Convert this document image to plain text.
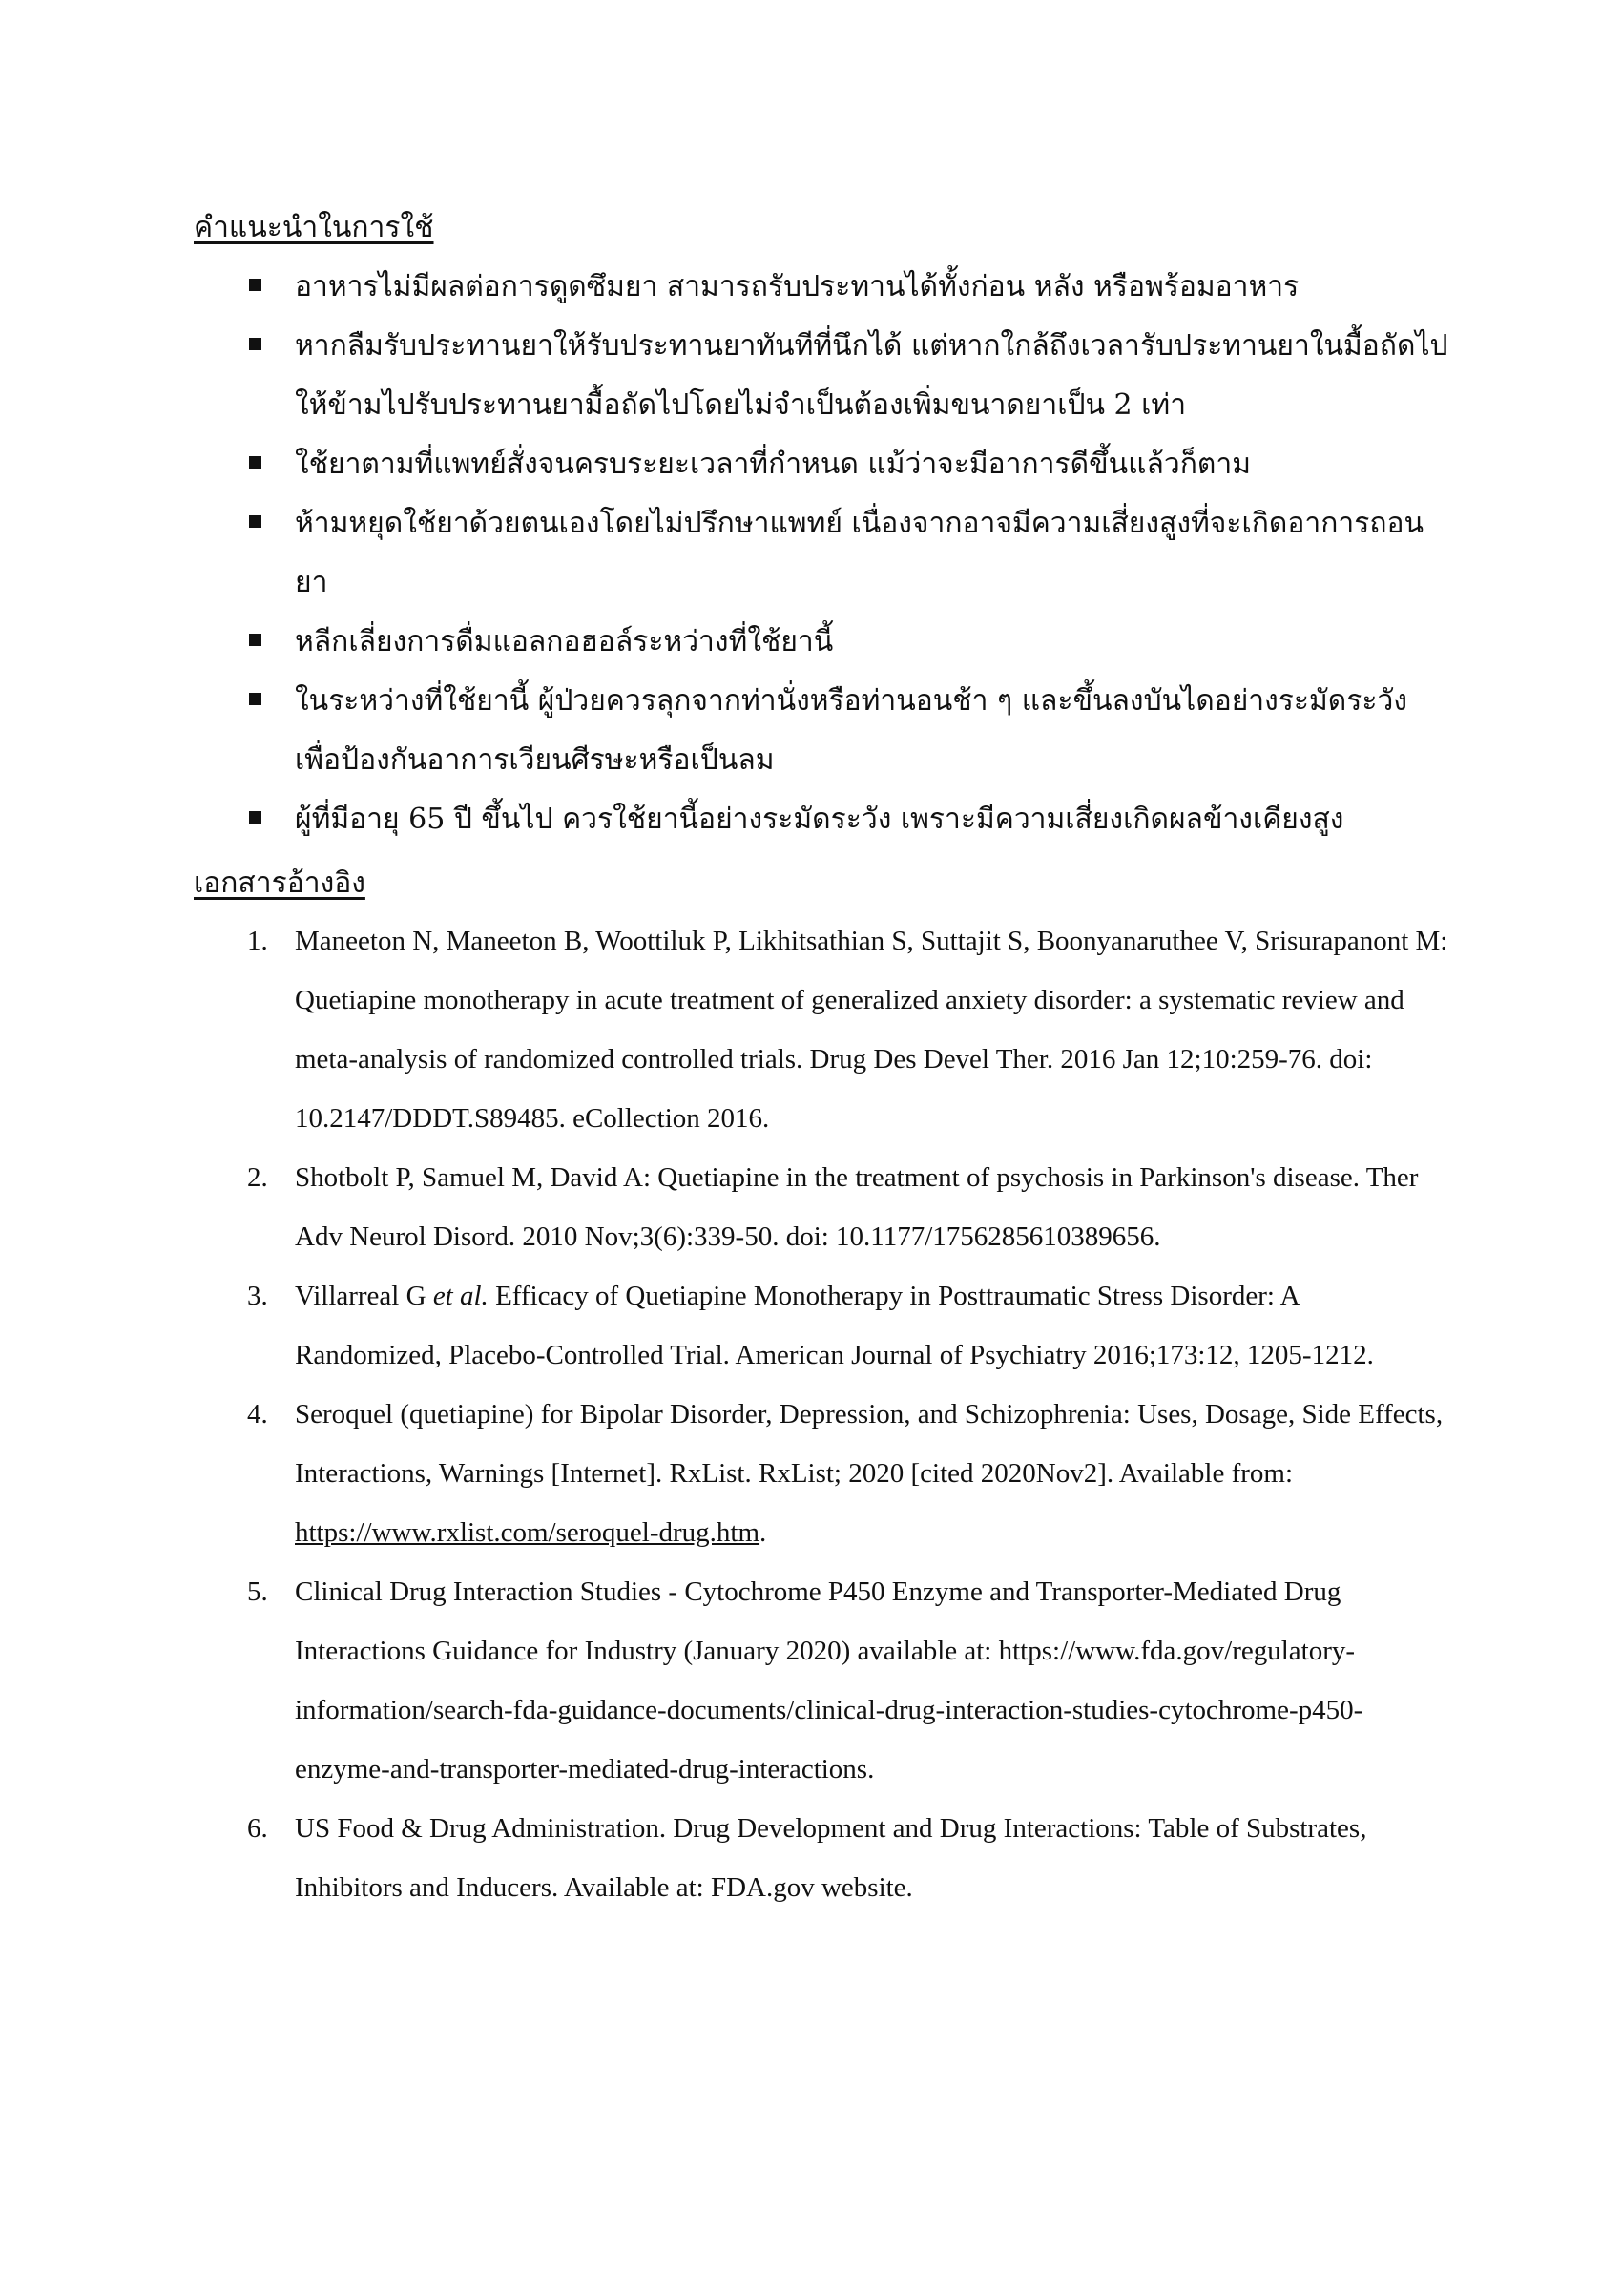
คำแนะนำในการใช้
อาหารไม่มีผลต่อการดูดซึมยา สามารถรับประทานได้ทั้งก่อน หลัง หรือพร้อมอาหาร
หากลืมรับประทานยาให้รับประทานยาทันทีที่นึกได้ แต่หากใกล้ถึงเวลารับประทานยาในมื้อถัดไป ให้ข้ามไปรับประทานยามื้อถัดไปโดยไม่จำเป็นต้องเพิ่มขนาดยาเป็น 2 เท่า
ใช้ยาตามที่แพทย์สั่งจนครบระยะเวลาที่กำหนด แม้ว่าจะมีอาการดีขึ้นแล้วก็ตาม
ห้ามหยุดใช้ยาด้วยตนเองโดยไม่ปรึกษาแพทย์ เนื่องจากอาจมีความเสี่ยงสูงที่จะเกิดอาการถอนยา
หลีกเลี่ยงการดื่มแอลกอฮอล์ระหว่างที่ใช้ยานี้
ในระหว่างที่ใช้ยานี้ ผู้ป่วยควรลุกจากท่านั่งหรือท่านอนช้า ๆ และขึ้นลงบันไดอย่างระมัดระวัง เพื่อป้องกันอาการเวียนศีรษะหรือเป็นลม
ผู้ที่มีอายุ 65 ปี ขึ้นไป ควรใช้ยานี้อย่างระมัดระวัง เพราะมีความเสี่ยงเกิดผลข้างเคียงสูง
เอกสารอ้างอิง
1. Maneeton N, Maneeton B, Woottiluk P, Likhitsathian S, Suttajit S, Boonyanaruthee V, Srisurapanont M: Quetiapine monotherapy in acute treatment of generalized anxiety disorder: a systematic review and meta-analysis of randomized controlled trials. Drug Des Devel Ther. 2016 Jan 12;10:259-76. doi: 10.2147/DDDT.S89485. eCollection 2016.
2. Shotbolt P, Samuel M, David A: Quetiapine in the treatment of psychosis in Parkinson's disease. Ther Adv Neurol Disord. 2010 Nov;3(6):339-50. doi: 10.1177/1756285610389656.
3. Villarreal G et al. Efficacy of Quetiapine Monotherapy in Posttraumatic Stress Disorder: A Randomized, Placebo-Controlled Trial. American Journal of Psychiatry 2016;173:12, 1205-1212.
4. Seroquel (quetiapine) for Bipolar Disorder, Depression, and Schizophrenia: Uses, Dosage, Side Effects, Interactions, Warnings [Internet]. RxList. RxList; 2020 [cited 2020Nov2]. Available from: https://www.rxlist.com/seroquel-drug.htm.
5. Clinical Drug Interaction Studies - Cytochrome P450 Enzyme and Transporter-Mediated Drug Interactions Guidance for Industry (January 2020) available at: https://www.fda.gov/regulatory-information/search-fda-guidance-documents/clinical-drug-interaction-studies-cytochrome-p450-enzyme-and-transporter-mediated-drug-interactions.
6. US Food & Drug Administration. Drug Development and Drug Interactions: Table of Substrates, Inhibitors and Inducers. Available at: FDA.gov website.
